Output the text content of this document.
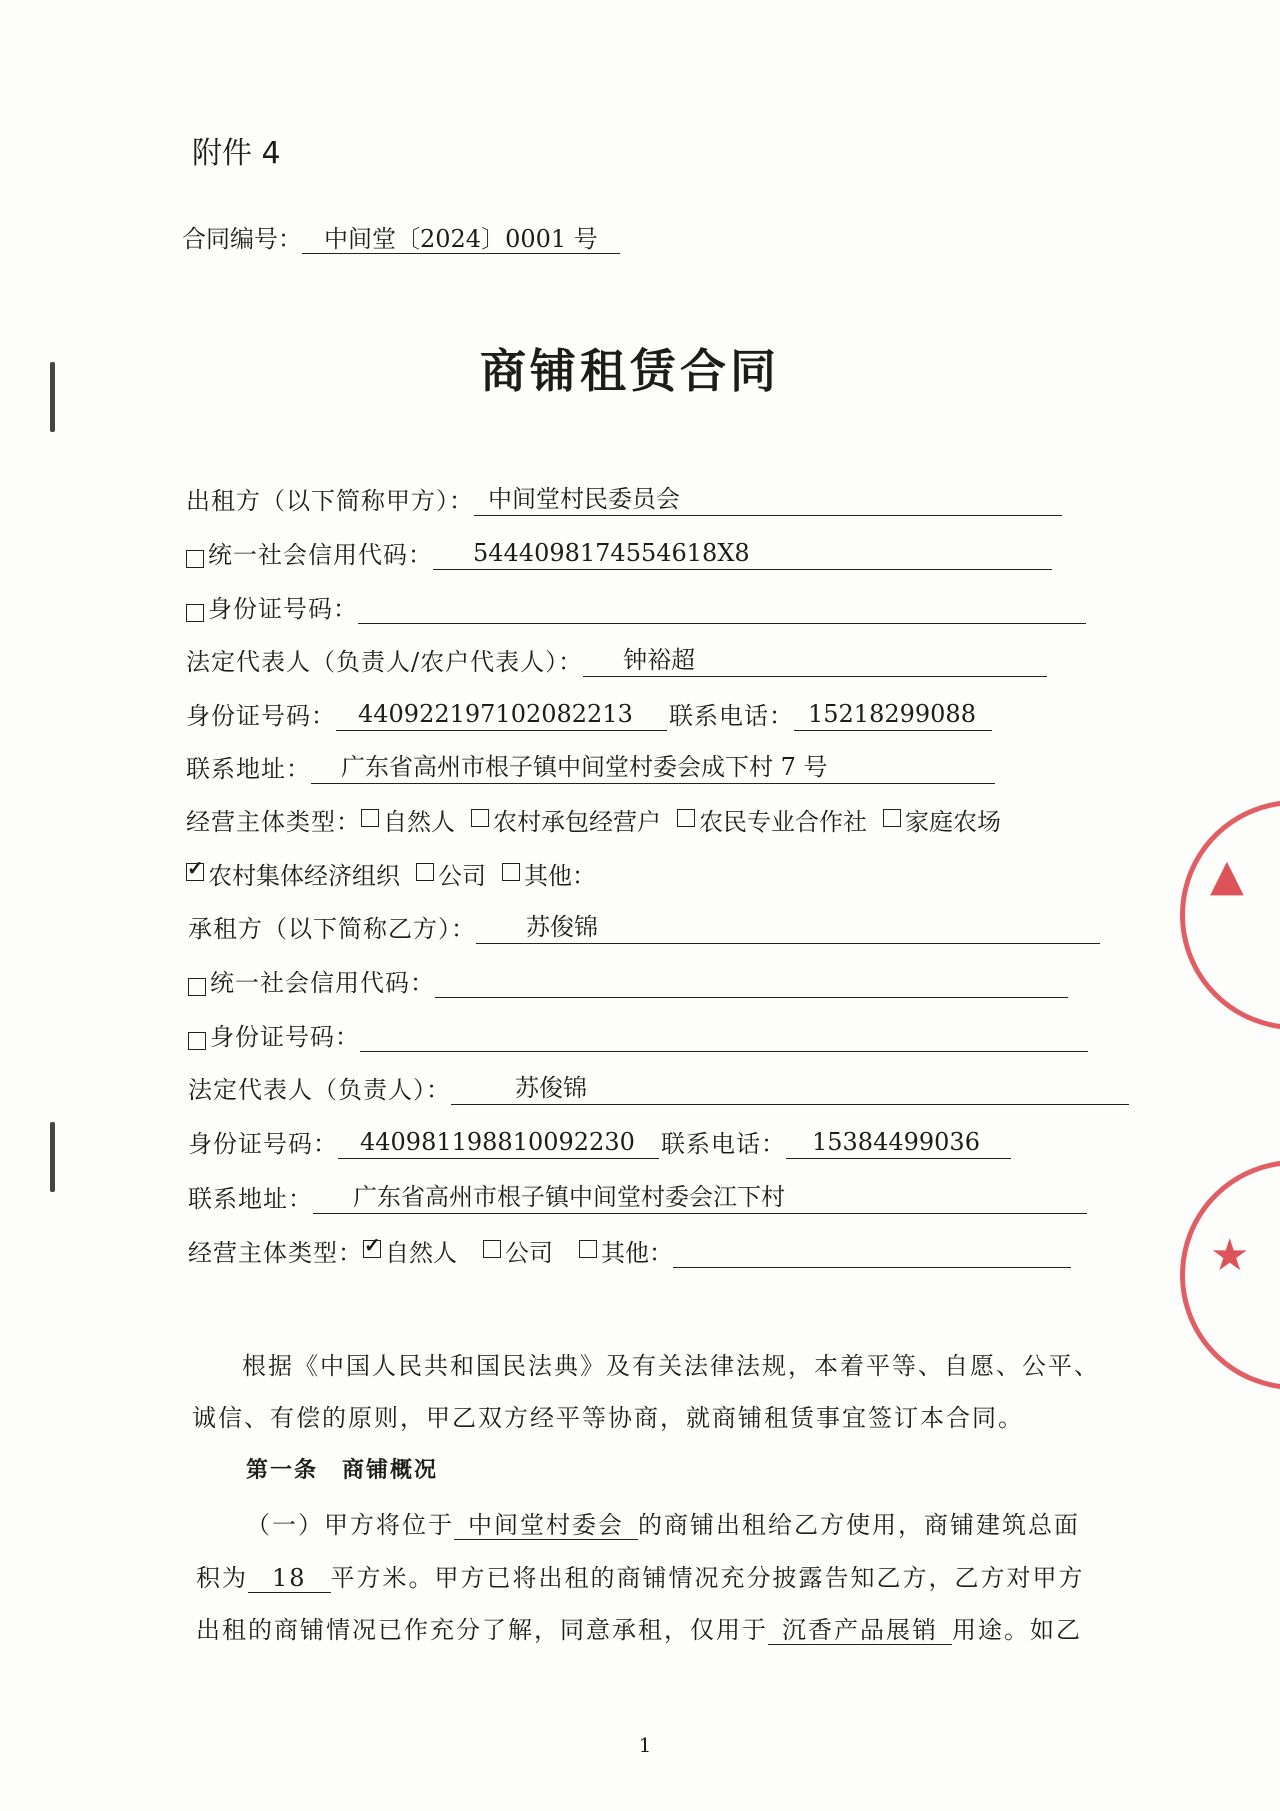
▲
★
附件 4
合同编号： 中间堂〔2024〕0001 号
商铺租赁合同
出租方（以下简称甲方）： 中间堂村民委员会
统一社会信用代码：	5444098174554618X8
身份证号码：
法定代表人（负责人/农户代表人）：	钟裕超
身份证号码： 440922197102082213	联系电话： 15218299088
联系地址：	广东省高州市根子镇中间堂村委会成下村 7 号
经营主体类型： 自然人 农村承包经营户 农民专业合作社 家庭农场
✓
农村集体经济组织 公司 其他：
承租方（以下简称乙方）：	苏俊锦
统一社会信用代码：
身份证号码：
法定代表人（负责人）：	苏俊锦
身份证号码： 440981198810092230	联系电话：	15384499036
联系地址：	广东省高州市根子镇中间堂村委会江下村
经营主体类型：
✓ 自然人 公司 其他：
根据《中国人民共和国民法典》及有关法律法规，本着平等、自愿、公平、
诚信、有偿的原则，甲乙双方经平等协商，就商铺租赁事宜签订本合同。
第一条　商铺概况
（一）甲方将位于 中间堂村委会 的商铺出租给乙方使用，商铺建筑总面
积为 18 平方米。甲方已将出租的商铺情况充分披露告知乙方，乙方对甲方
出租的商铺情况已作充分了解，同意承租，仅用于 沉香产品展销 用途。如乙
1
